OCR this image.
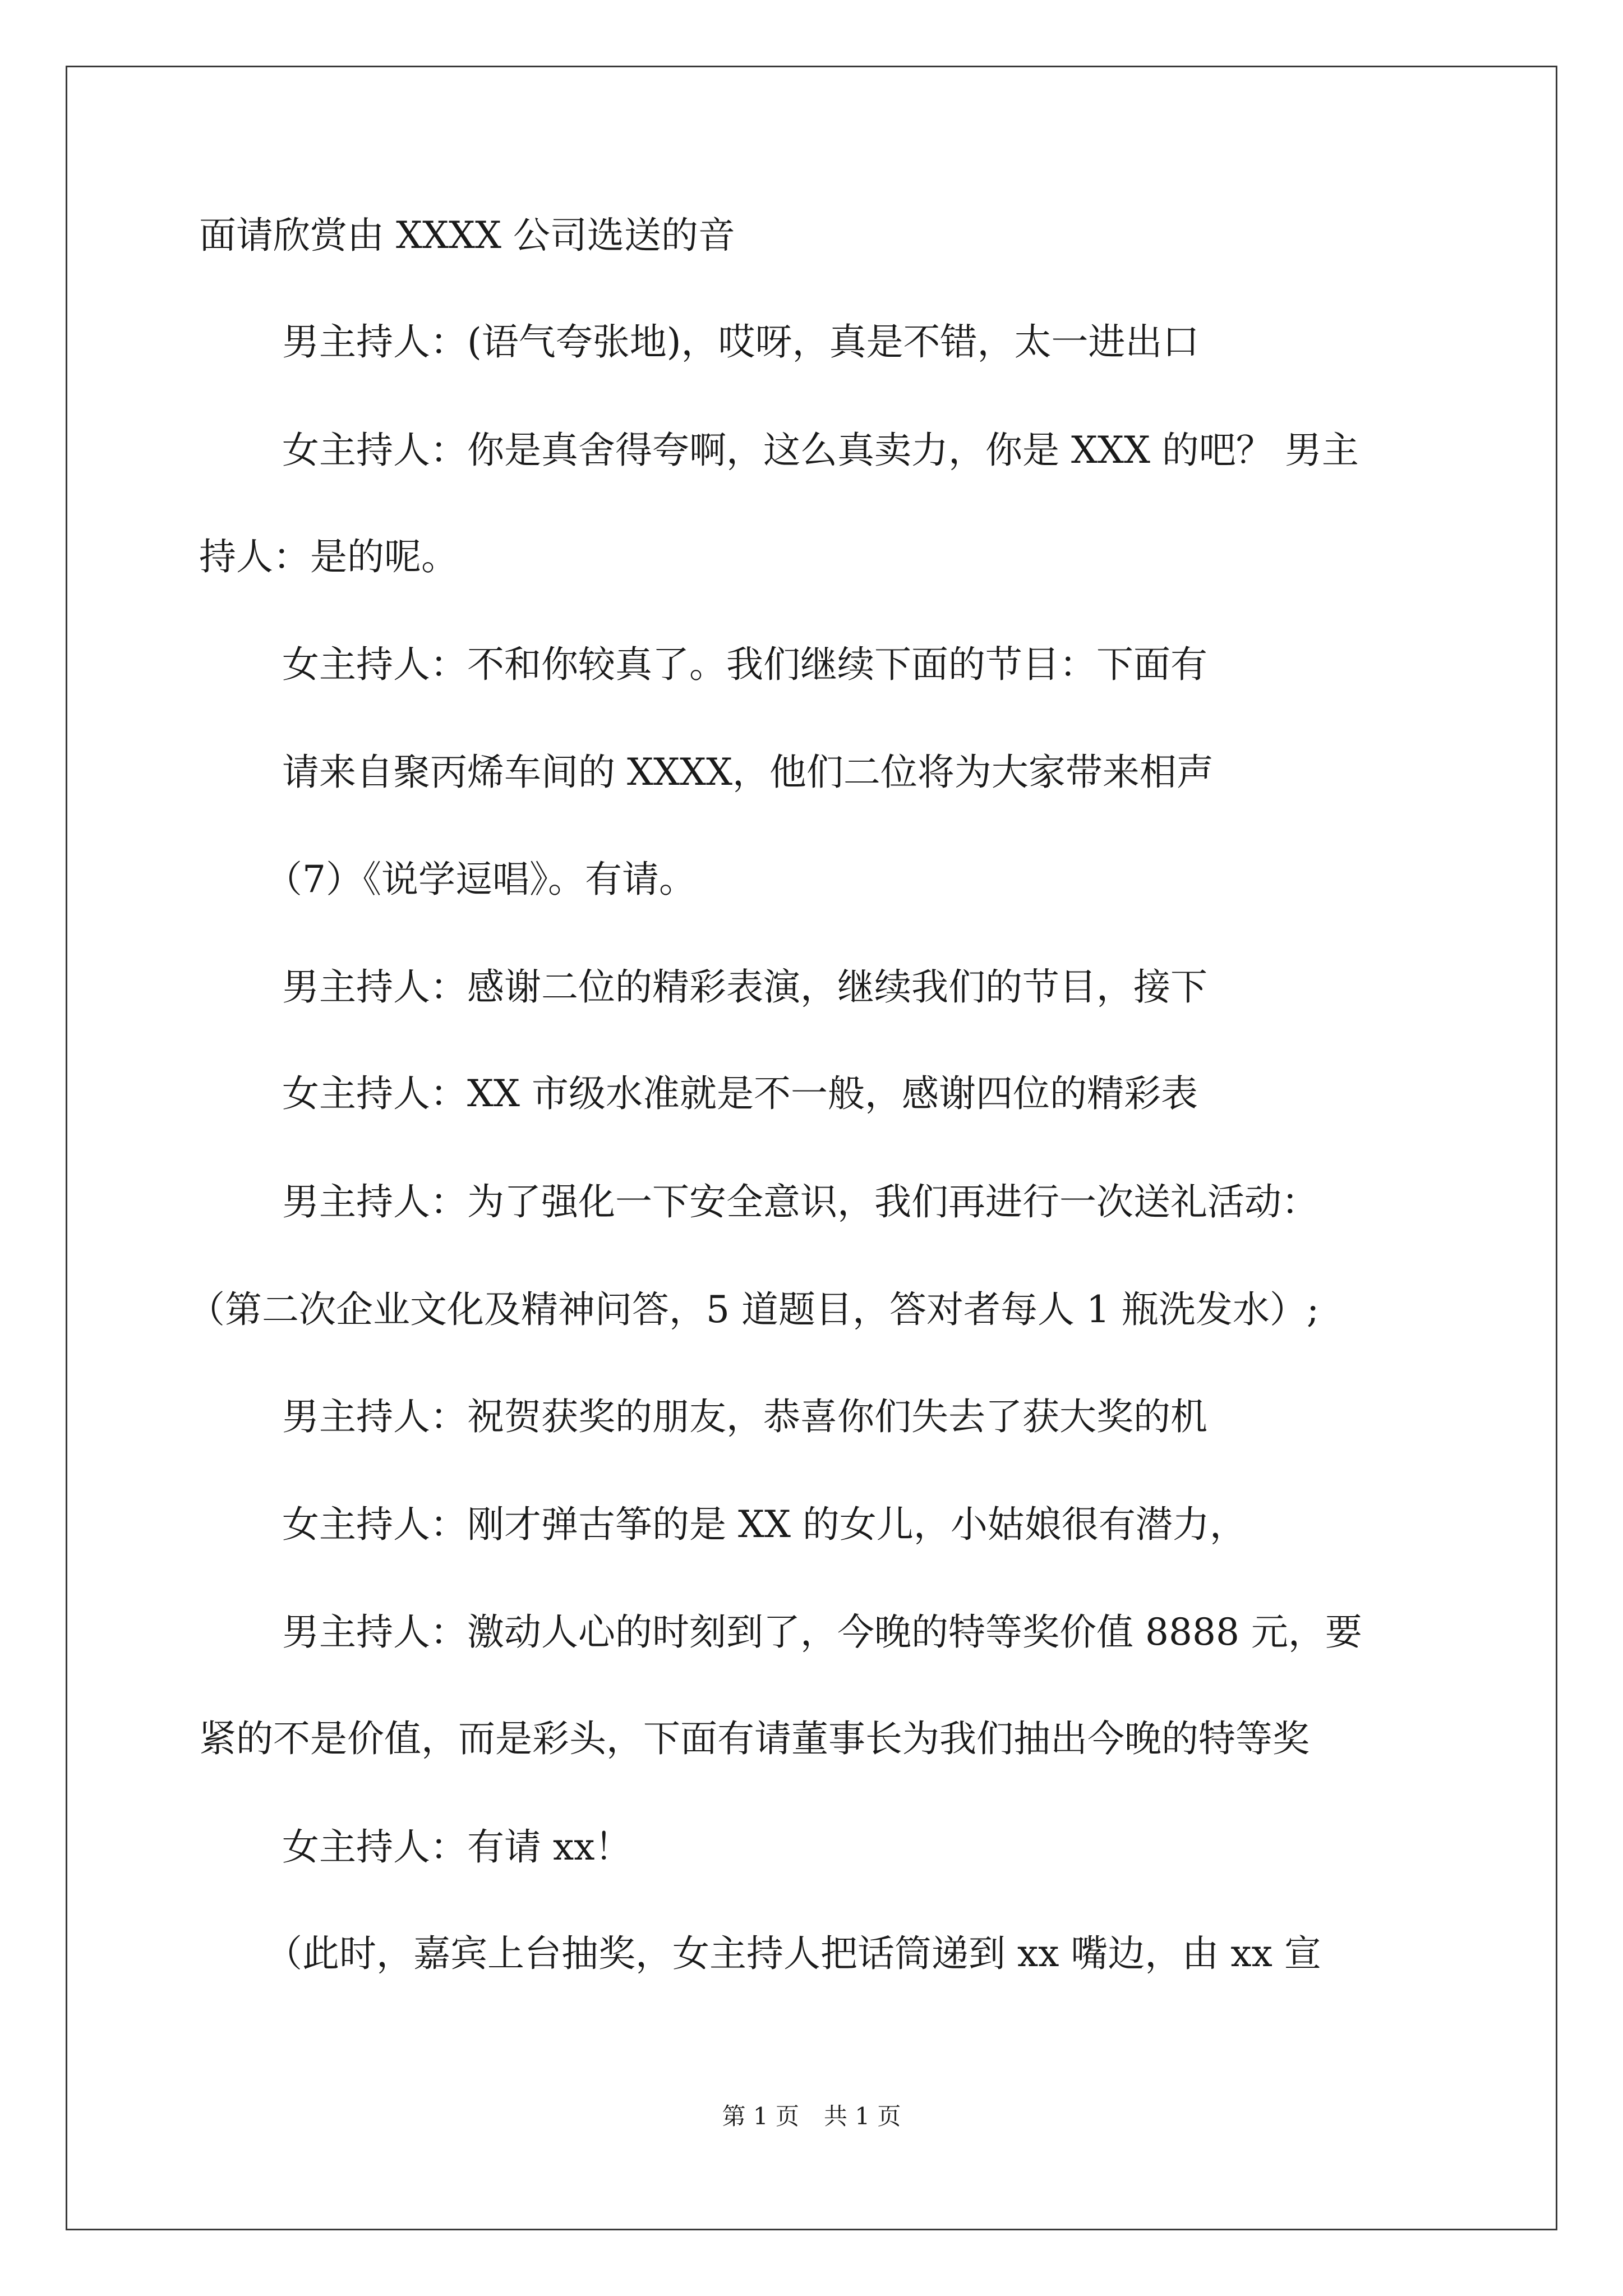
面请欣赏由 XXXX 公司选送的音
男主持人：(语气夸张地)，哎呀，真是不错，太一进出口
女主持人：你是真舍得夸啊，这么真卖力，你是 XXX 的吧？ 男主
持人：是的呢。
女主持人：不和你较真了。我们继续下面的节目：下面有
请来自聚丙烯车间的 XXXX，他们二位将为大家带来相声
（7）《说学逗唱》。有请。
男主持人：感谢二位的精彩表演，继续我们的节目，接下
女主持人：XX 市级水准就是不一般，感谢四位的精彩表
男主持人：为了强化一下安全意识，我们再进行一次送礼活动：
（第二次企业文化及精神问答，5 道题目，答对者每人 1 瓶洗发水）;
男主持人：祝贺获奖的朋友，恭喜你们失去了获大奖的机
女主持人：刚才弹古筝的是 XX 的女儿，小姑娘很有潜力，
男主持人：激动人心的时刻到了，今晚的特等奖价值 8888 元，要
紧的不是价值，而是彩头，下面有请董事长为我们抽出今晚的特等奖
女主持人：有请 xx！
（此时，嘉宾上台抽奖，女主持人把话筒递到 xx 嘴边，由 xx 宣
第 1 页 共 1 页
